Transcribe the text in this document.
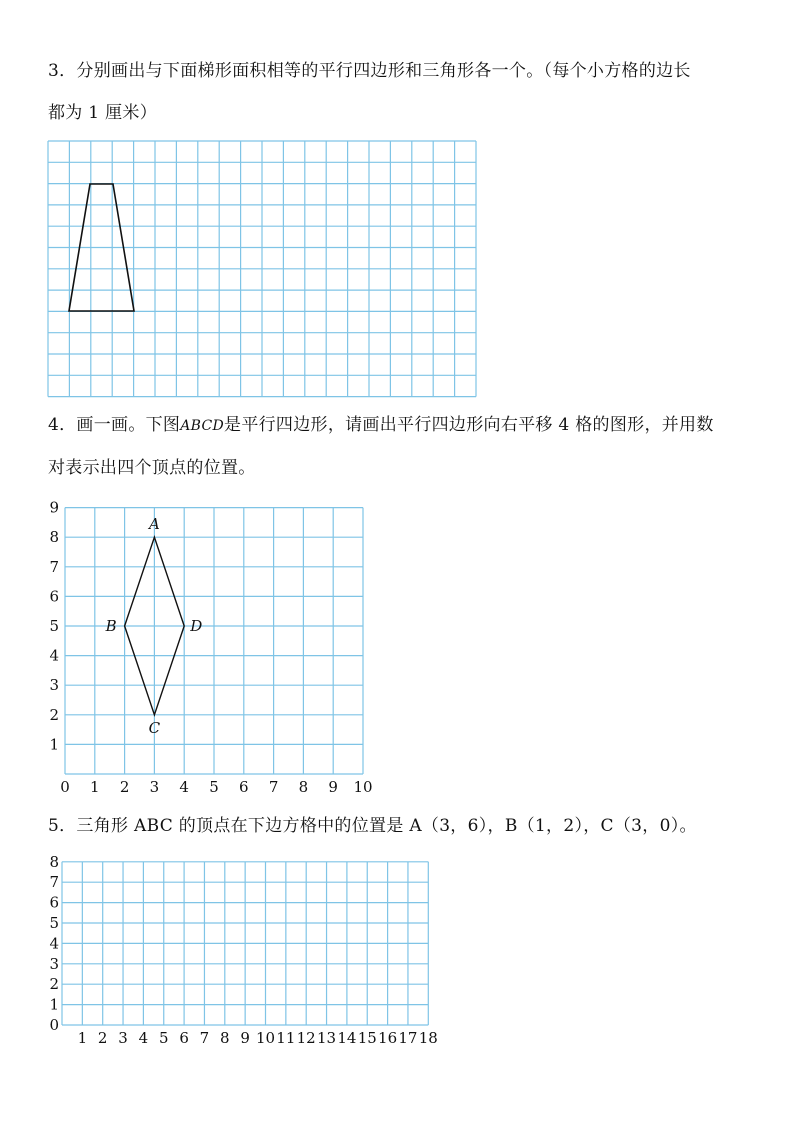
3．分别画出与下面梯形面积相等的平行四边形和三角形各一个。（每个小方格的边长
都为 1 厘米）
4．画一画。下图ABCD是平行四边形，请画出平行四边形向右平移 4 格的图形，并用数
对表示出四个顶点的位置。
5．三角形 ABC 的顶点在下边方格中的位置是 A（3，6），B（1，2），C（3，0）。
0 1 2 3 4 5 6 7 8 9 10
1
2
3
4
5
6
7
8
9
A
B
C
D
1 2 3 4 5 6 7 8 9 10 11 12 13 14 15 16 17 18
0
1
2
3
4
5
6
7
8
